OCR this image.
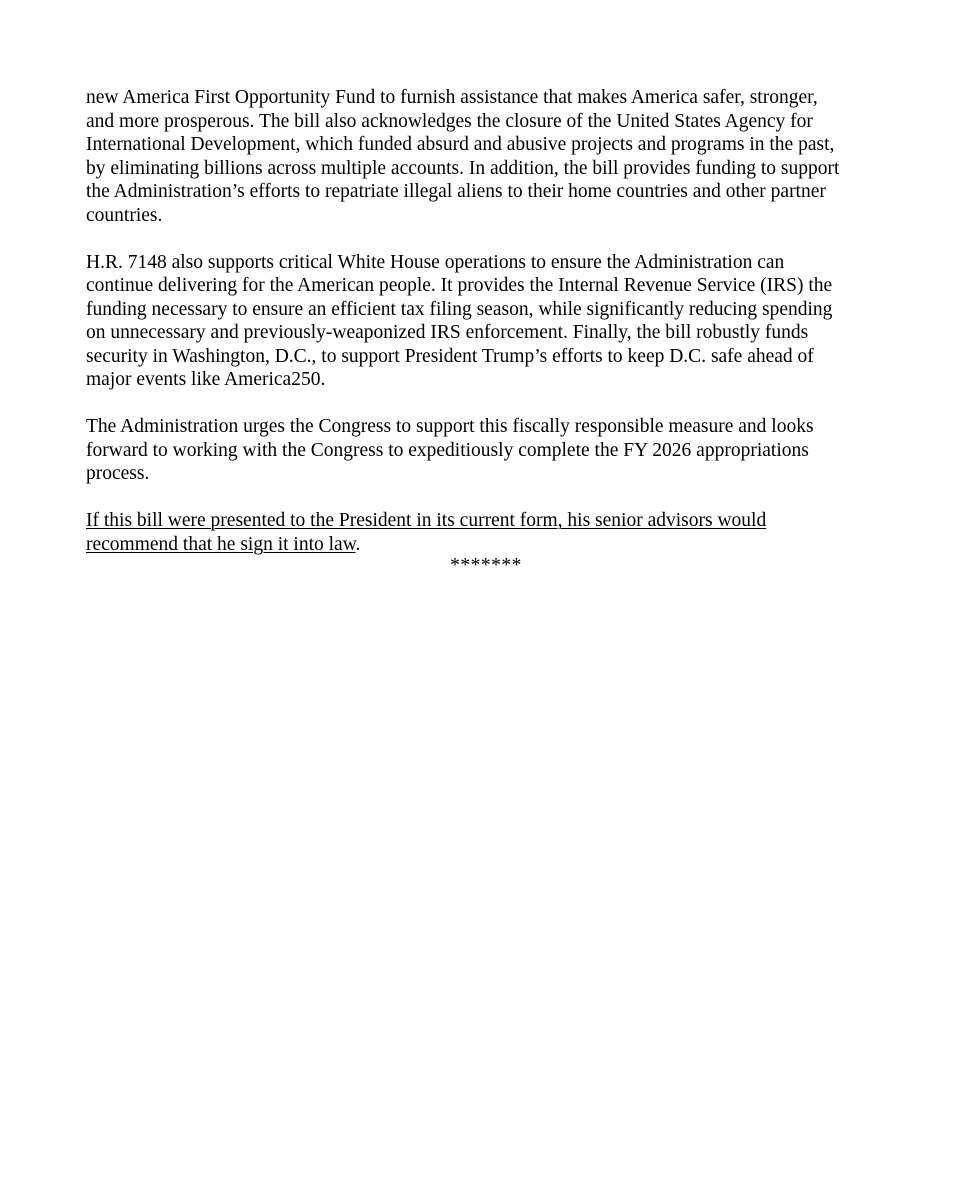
new America First Opportunity Fund to furnish assistance that makes America safer, stronger,
and more prosperous. The bill also acknowledges the closure of the United States Agency for
International Development, which funded absurd and abusive projects and programs in the past,
by eliminating billions across multiple accounts. In addition, the bill provides funding to support
the Administration’s efforts to repatriate illegal aliens to their home countries and other partner
countries.

H.R. 7148 also supports critical White House operations to ensure the Administration can
continue delivering for the American people. It provides the Internal Revenue Service (IRS) the
funding necessary to ensure an efficient tax filing season, while significantly reducing spending
on unnecessary and previously-weaponized IRS enforcement. Finally, the bill robustly funds
security in Washington, D.C., to support President Trump’s efforts to keep D.C. safe ahead of
major events like America250.

The Administration urges the Congress to support this fiscally responsible measure and looks
forward to working with the Congress to expeditiously complete the FY 2026 appropriations
process.

If this bill were presented to the President in its current form, his senior advisors would
recommend that he sign it into law.

*******
